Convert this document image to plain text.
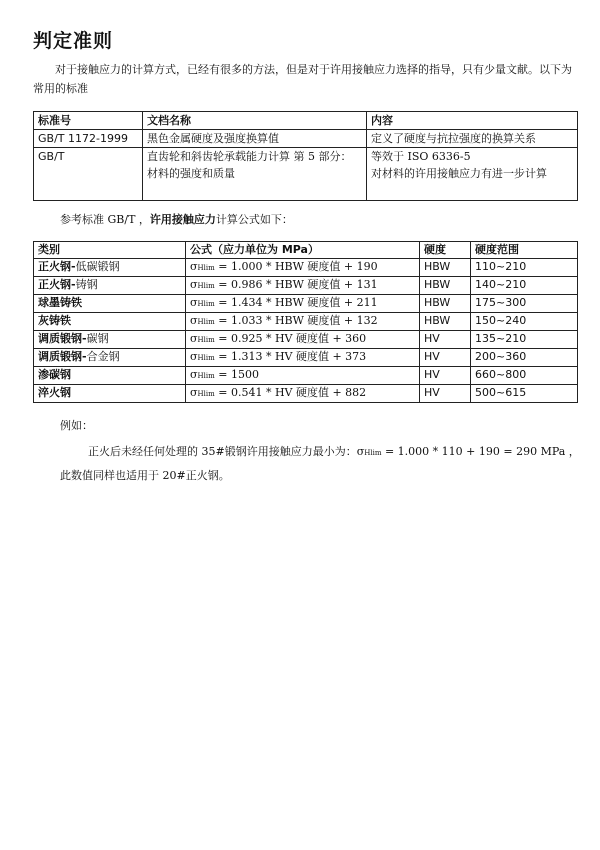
判定准则
对于接触应力的计算方式，已经有很多的方法，但是对于许用接触应力选择的指导，只有少量文献。以下为常用的标准
标准号	文档名称	内容
GB/T 1172-1999	黑色金属硬度及强度换算值	定义了硬度与抗拉强度的换算关系
GB/T	直齿轮和斜齿轮承载能力计算 第 5 部分：材料的强度和质量	等效于 ISO 6336-5
对材料的许用接触应力有进一步计算
参考标准 GB/T ，许用接触应力计算公式如下：
类别	公式（应力单位为 MPa）	硬度	硬度范围
正火钢-低碳锻钢	σHlim = 1.000 * HBW 硬度值 + 190	HBW	110~210
正火钢-铸钢	σHlim = 0.986 * HBW 硬度值 + 131	HBW	140~210
球墨铸铁	σHlim = 1.434 * HBW 硬度值 + 211	HBW	175~300
灰铸铁	σHlim = 1.033 * HBW 硬度值 + 132	HBW	150~240
调质锻钢-碳钢	σHlim = 0.925 * HV 硬度值 + 360	HV	135~210
调质锻钢-合金钢	σHlim = 1.313 * HV 硬度值 + 373	HV	200~360
渗碳钢	σHlim = 1500	HV	660~800
淬火钢	σHlim = 0.541 * HV 硬度值 + 882	HV	500~615
例如：
正火后未经任何处理的 35#锻钢许用接触应力最小为：σHlim = 1.000 * 110 + 190 = 290 MPa ，
此数值同样也适用于 20#正火钢。
